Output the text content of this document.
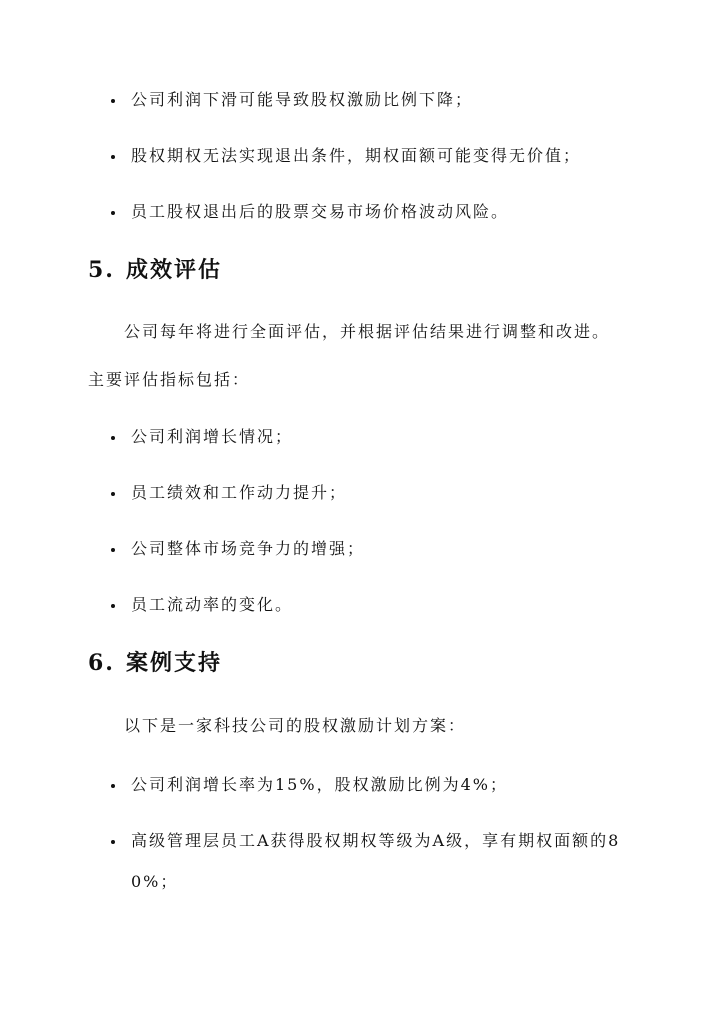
公司利润下滑可能导致股权激励比例下降；
股权期权无法实现退出条件，期权面额可能变得无价值；
员工股权退出后的股票交易市场价格波动风险。
5. 成效评估
公司每年将进行全面评估，并根据评估结果进行调整和改进。
主要评估指标包括：
公司利润增长情况；
员工绩效和工作动力提升；
公司整体市场竞争力的增强；
员工流动率的变化。
6. 案例支持
以下是一家科技公司的股权激励计划方案：
公司利润增长率为15%，股权激励比例为4%；
高级管理层员工A获得股权期权等级为A级，享有期权面额的8
0%；
